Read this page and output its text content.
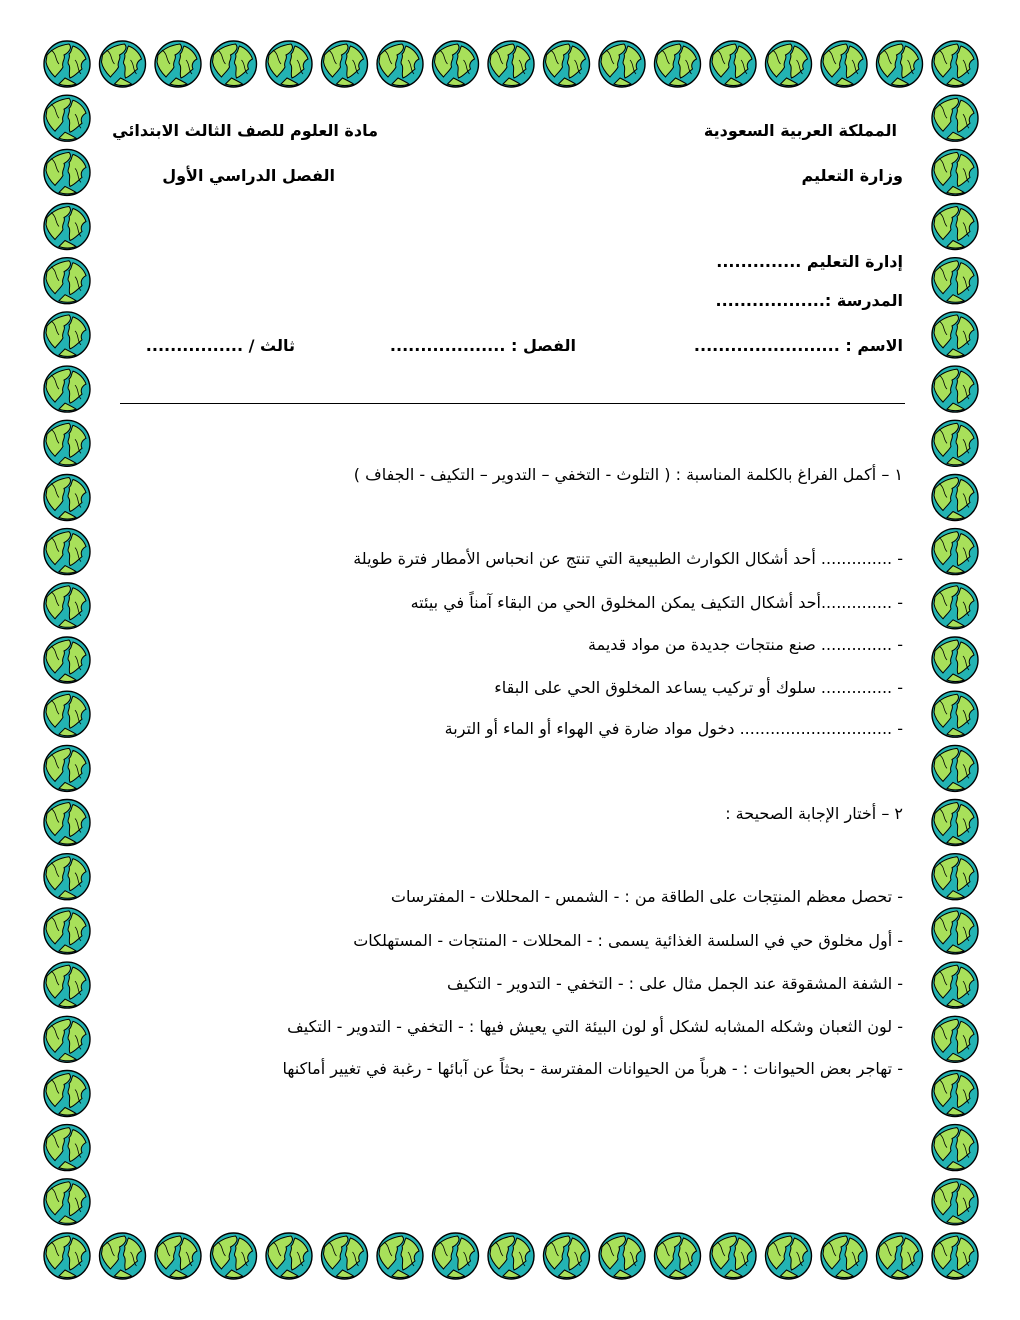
المملكة العربية السعودية
وزارة التعليم
مادة العلوم للصف الثالث الابتدائي
الفصل الدراسي الأول
إدارة التعليم ..............
المدرسة :..................
الاسم : ........................
الفصل : ...................
ثالث / ................
١ – أكمل الفراغ بالكلمة المناسبة : ( التلوث - التخفي – التدوير – التكيف - الجفاف )
- .............. أحد أشكال الكوارث الطبيعية التي تنتج عن انحباس الأمطار فترة طويلة
- ..............أحد أشكال التكيف يمكن المخلوق الحي من البقاء آمناً في بيئته
- .............. صنع منتجات جديدة من مواد قديمة
- .............. سلوك أو تركيب يساعد المخلوق الحي على البقاء
- .............................. دخول مواد ضارة في الهواء أو الماء أو التربة
٢ – أختار الإجابة الصحيحة :
- تحصل معظم المنتِجات على الطاقة من : - الشمس - المحللات - المفترسات
- أول مخلوق حي في السلسة الغذائية يسمى : - المحللات - المنتجات - المستهلكات
- الشفة المشقوقة عند الجمل مثال على : - التخفي - التدوير - التكيف
- لون الثعبان وشكله المشابه لشكل أو لون البيئة التي يعيش فيها : - التخفي - التدوير - التكيف
- تهاجر بعض الحيوانات : - هرباً من الحيوانات المفترسة - بحثاً عن آبائها - رغبة في تغيير أماكنها
